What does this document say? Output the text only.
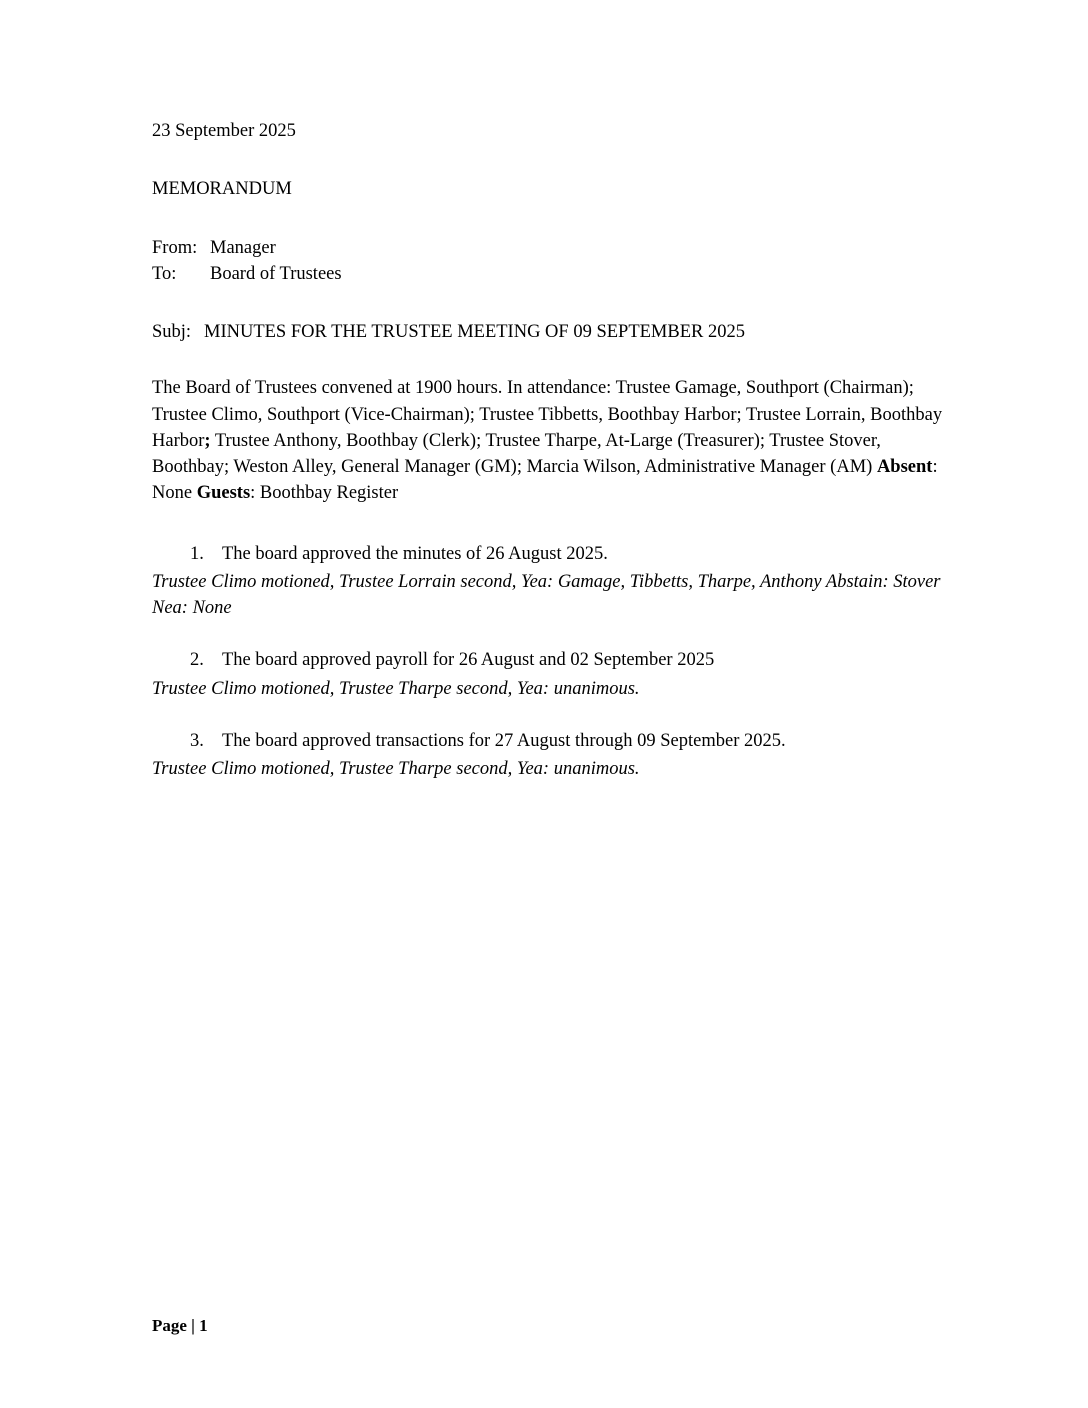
23 September 2025
MEMORANDUM
From: Manager
To: Board of Trustees
Subj: MINUTES FOR THE TRUSTEE MEETING OF 09 SEPTEMBER 2025
The Board of Trustees convened at 1900 hours. In attendance: Trustee Gamage, Southport (Chairman); Trustee Climo, Southport (Vice-Chairman); Trustee Tibbetts, Boothbay Harbor; Trustee Lorrain, Boothbay Harbor; Trustee Anthony, Boothbay (Clerk); Trustee Tharpe, At-Large (Treasurer); Trustee Stover, Boothbay; Weston Alley, General Manager (GM); Marcia Wilson, Administrative Manager (AM) Absent: None Guests: Boothbay Register
1. The board approved the minutes of 26 August 2025.
Trustee Climo motioned, Trustee Lorrain second, Yea: Gamage, Tibbetts, Tharpe, Anthony Abstain: Stover Nea: None
2. The board approved payroll for 26 August and 02 September 2025
Trustee Climo motioned, Trustee Tharpe second, Yea: unanimous.
3. The board approved transactions for 27 August through 09 September 2025.
Trustee Climo motioned, Trustee Tharpe second, Yea: unanimous.
Page | 1
